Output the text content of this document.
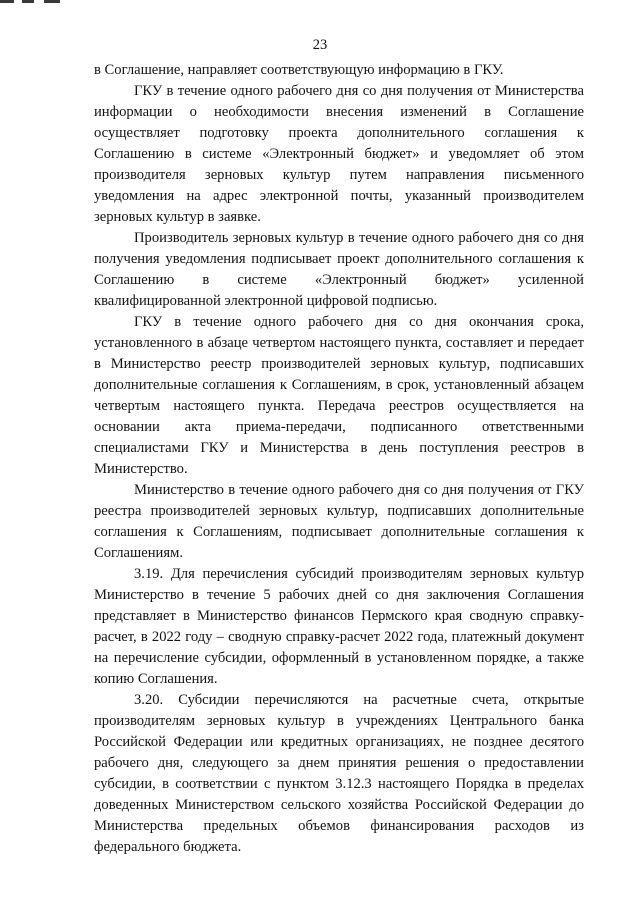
23

в Соглашение, направляет соответствующую информацию в ГКУ.

ГКУ в течение одного рабочего дня со дня получения от Министерства информации о необходимости внесения изменений в Соглашение осуществляет подготовку проекта дополнительного соглашения к Соглашению в системе «Электронный бюджет» и уведомляет об этом производителя зерновых культур путем направления письменного уведомления на адрес электронной почты, указанный производителем зерновых культур в заявке.

Производитель зерновых культур в течение одного рабочего дня со дня получения уведомления подписывает проект дополнительного соглашения к Соглашению в системе «Электронный бюджет» усиленной квалифицированной электронной цифровой подписью.

ГКУ в течение одного рабочего дня со дня окончания срока, установленного в абзаце четвертом настоящего пункта, составляет и передает в Министерство реестр производителей зерновых культур, подписавших дополнительные соглашения к Соглашениям, в срок, установленный абзацем четвертым настоящего пункта. Передача реестров осуществляется на основании акта приема-передачи, подписанного ответственными специалистами ГКУ и Министерства в день поступления реестров в Министерство.

Министерство в течение одного рабочего дня со дня получения от ГКУ реестра производителей зерновых культур, подписавших дополнительные соглашения к Соглашениям, подписывает дополнительные соглашения к Соглашениям.

3.19. Для перечисления субсидий производителям зерновых культур Министерство в течение 5 рабочих дней со дня заключения Соглашения представляет в Министерство финансов Пермского края сводную справку-расчет, в 2022 году – сводную справку-расчет 2022 года, платежный документ на перечисление субсидии, оформленный в установленном порядке, а также копию Соглашения.

3.20. Субсидии перечисляются на расчетные счета, открытые производителям зерновых культур в учреждениях Центрального банка Российской Федерации или кредитных организациях, не позднее десятого рабочего дня, следующего за днем принятия решения о предоставлении субсидии, в соответствии с пунктом 3.12.3 настоящего Порядка в пределах доведенных Министерством сельского хозяйства Российской Федерации до Министерства предельных объемов финансирования расходов из федерального бюджета.
